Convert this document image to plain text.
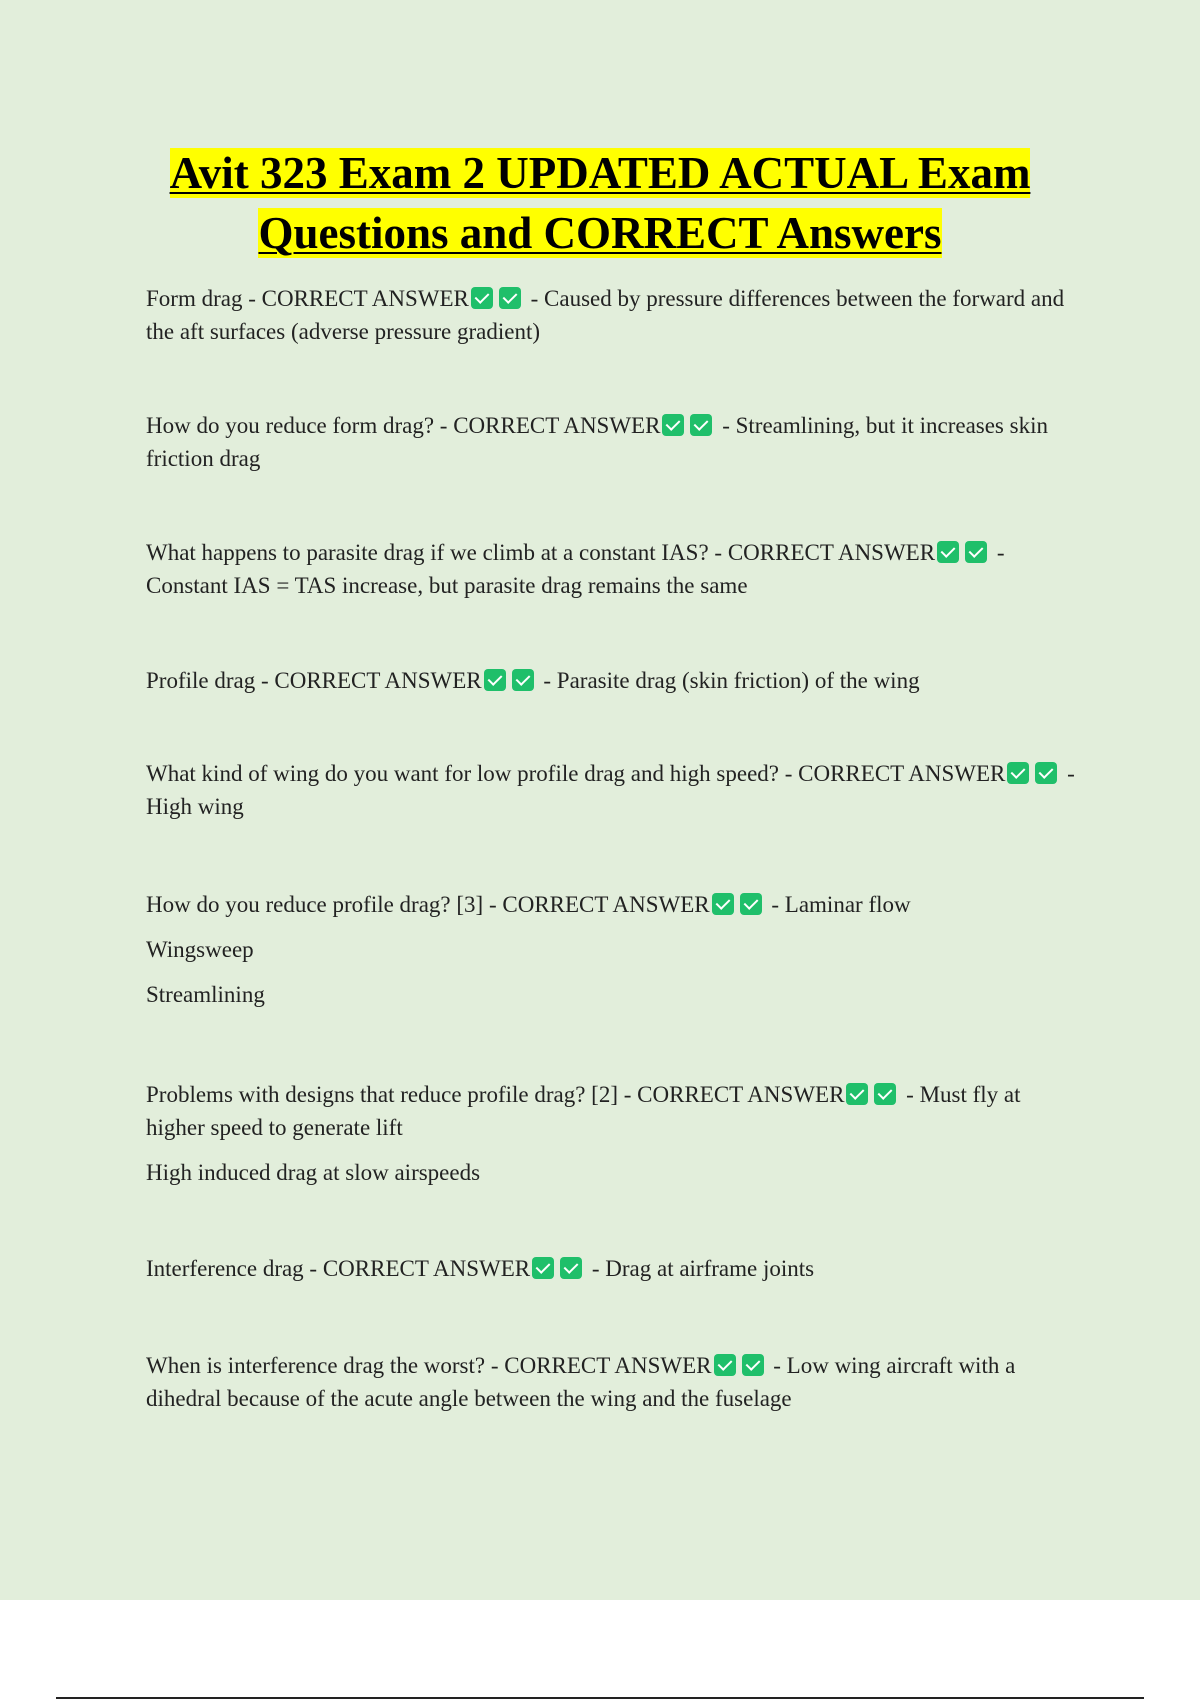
Avit 323 Exam 2 UPDATED ACTUAL Exam
Questions and CORRECT Answers

Form drag - CORRECT ANSWER	- Caused by pressure differences between the forward and the aft surfaces (adverse pressure gradient)

How do you reduce form drag? - CORRECT ANSWER	- Streamlining, but it increases skin friction drag

What happens to parasite drag if we climb at a constant IAS? - CORRECT ANSWER	- Constant IAS = TAS increase, but parasite drag remains the same

Profile drag - CORRECT ANSWER	- Parasite drag (skin friction) of the wing

What kind of wing do you want for low profile drag and high speed? - CORRECT ANSWER	- High wing

How do you reduce profile drag? [3] - CORRECT ANSWER	- Laminar flow

Wingsweep

Streamlining

Problems with designs that reduce profile drag? [2] - CORRECT ANSWER	- Must fly at higher speed to generate lift

High induced drag at slow airspeeds

Interference drag - CORRECT ANSWER	- Drag at airframe joints

When is interference drag the worst? - CORRECT ANSWER	- Low wing aircraft with a dihedral because of the acute angle between the wing and the fuselage
